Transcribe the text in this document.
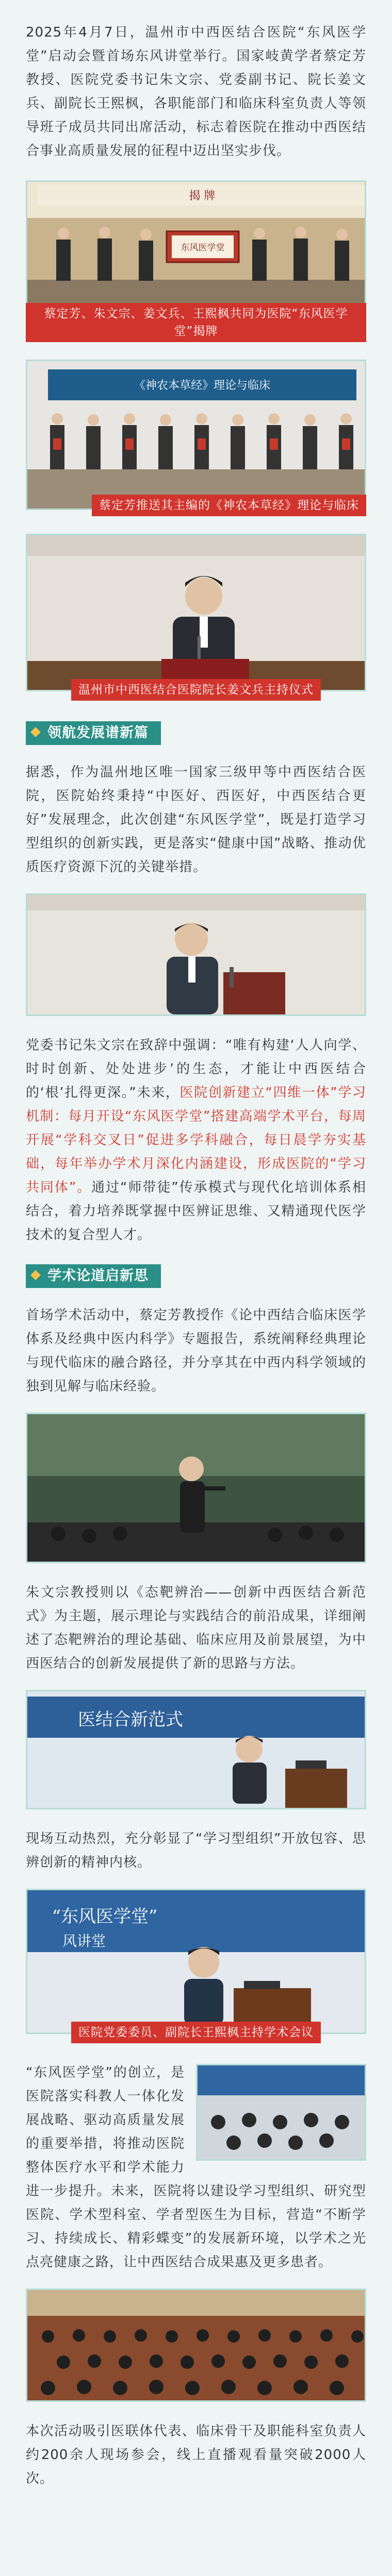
2025年4月7日，温州市中西医结合医院“东风医学堂”启动会暨首场东风讲堂举行。国家岐黄学者蔡定芳教授、医院党委书记朱文宗、党委副书记、院长姜文兵、副院长王熙枫，各职能部门和临床科室负责人等领导班子成员共同出席活动，标志着医院在推动中西医结合事业高质量发展的征程中迈出坚实步伐。

揭 牌
东风医学堂
蔡定芳、朱文宗、姜文兵、王熙枫共同为医院“东风医学堂”揭牌
《神农本草经》理论与临床
蔡定芳推送其主编的《神农本草经》理论与临床
温州市中西医结合医院院长姜文兵主持仪式
领航发展谱新篇

据悉，作为温州地区唯一国家三级甲等中西医结合医院，医院始终秉持“中医好、西医好，中西医结合更好”发展理念，此次创建“东风医学堂”，既是打造学习型组织的创新实践，更是落实“健康中国”战略、推动优质医疗资源下沉的关键举措。

党委书记朱文宗在致辞中强调：“唯有构建‘人人向学、时时创新、处处进步’的生态，才能让中西医结合的‘根’扎得更深。”未来，医院创新建立“四维一体”学习机制：每月开设“东风医学堂”搭建高端学术平台，每周开展“学科交叉日”促进多学科融合，每日晨学夯实基础，每年举办学术月深化内涵建设，形成医院的“学习共同体”。通过“师带徒”传承模式与现代化培训体系相结合，着力培养既掌握中医辨证思维、又精通现代医学技术的复合型人才。

学术论道启新思

首场学术活动中，蔡定芳教授作《论中西结合临床医学体系及经典中医内科学》专题报告，系统阐释经典理论与现代临床的融合路径，并分享其在中西内科学领域的独到见解与临床经验。

朱文宗教授则以《态靶辨治——创新中西医结合新范式》为主题，展示理论与实践结合的前沿成果，详细阐述了态靶辨治的理论基础、临床应用及前景展望，为中西医结合的创新发展提供了新的思路与方法。

医结合新范式

现场互动热烈，充分彰显了“学习型组织”开放包容、思辨创新的精神内核。

“东风医学堂”
风讲堂
医院党委委员、副院长王熙枫主持学术会议

“东风医学堂”的创立，是医院落实科教人一体化发展战略、驱动高质量发展的重要举措，将推动医院整体医疗水平和学术能力进一步提升。未来，医院将以建设学习型组织、研究型医院、学术型科室、学者型医生为目标，营造“不断学习、持续成长、精彩蝶变”的发展新环境，以学术之光点亮健康之路，让中西医结合成果惠及更多患者。

本次活动吸引医联体代表、临床骨干及职能科室负责人约200余人现场参会，线上直播观看量突破2000人次。
